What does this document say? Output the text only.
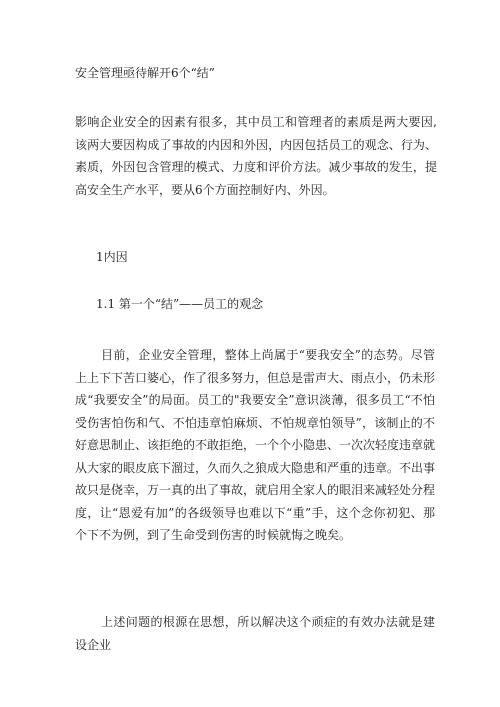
安全管理亟待解开6个“结”
影响企业安全的因素有很多，其中员工和管理者的素质是两大要因,该两大要因构成了事故的内因和外因，内因包括员工的观念、行为、素质，外因包含管理的模式、力度和评价方法。减少事故的发生，提高安全生产水平，要从6个方面控制好内、外因。
1内因
1.1 第一个“结”——员工的观念
目前，企业安全管理，整体上尚属于“要我安全”的态势。尽管上上下下苦口婆心，作了很多努力，但总是雷声大、雨点小，仍未形成“我要安全”的局面。员工的"我要安全”意识淡薄，很多员工“不怕受伤害怕伤和气、不怕违章怕麻烦、不怕规章怕领导”，该制止的不好意思制止、该拒绝的不敢拒绝，一个个小隐患、一次次轻度违章就从大家的眼皮底下溜过，久而久之狼成大隐患和严重的违章。不出事故只是侥幸，万一真的出了事故，就启用全家人的眼泪来减轻处分程度，让“恩爱有加”的各级领导也难以下“重”手，这个念你初犯、那个下不为例，到了生命受到伤害的时候就悔之晚矣。
上述问题的根源在思想，所以解决这个顽症的有效办法就是建设企业
